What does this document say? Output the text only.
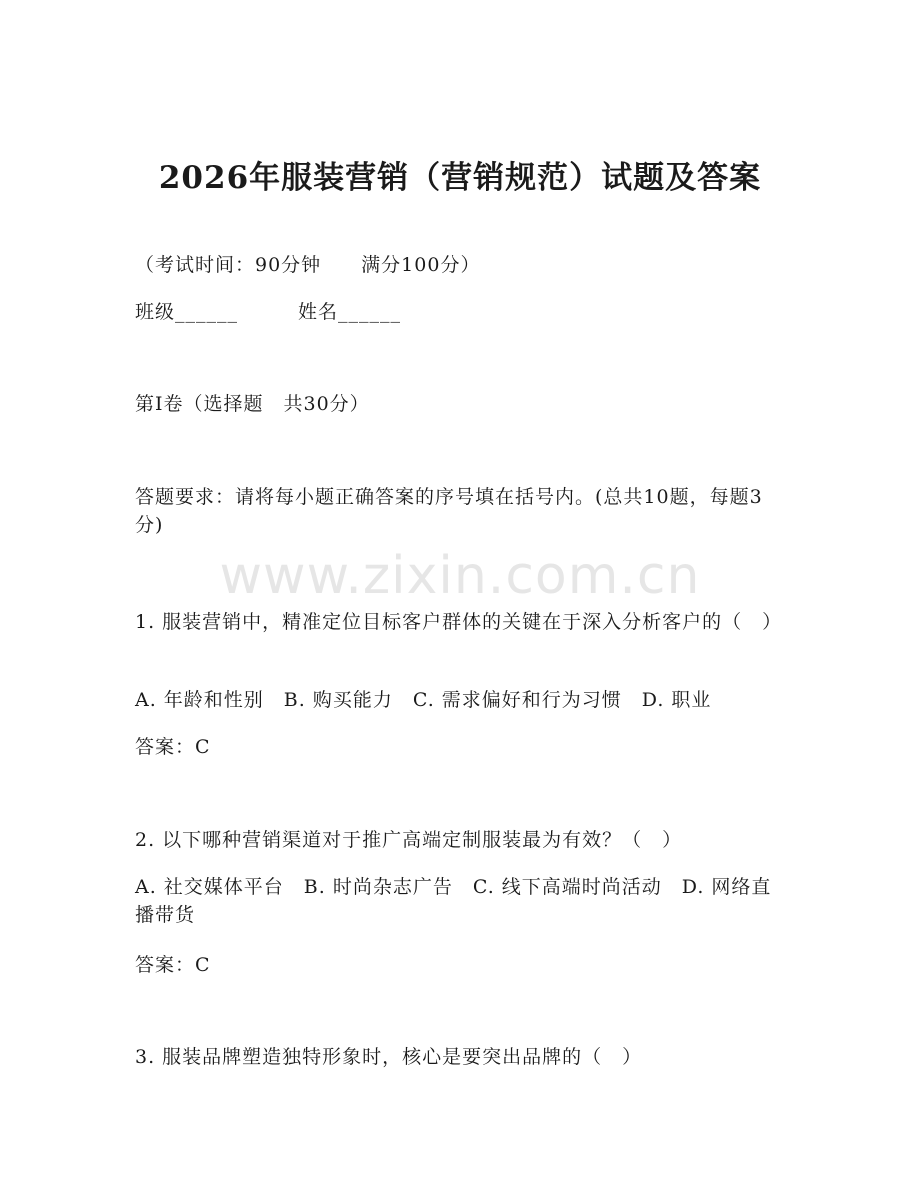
www.zixin.com.cn
2026年服装营销（营销规范）试题及答案
（考试时间：90分钟　　满分100分）
班级______　　　姓名______
第I卷（选择题　共30分）
答题要求：请将每小题正确答案的序号填在括号内。(总共10题，每题3分)
1. 服装营销中，精准定位目标客户群体的关键在于深入分析客户的（　）
A. 年龄和性别　B. 购买能力　C. 需求偏好和行为习惯　D. 职业
答案：C
2. 以下哪种营销渠道对于推广高端定制服装最为有效？（　）
A. 社交媒体平台　B. 时尚杂志广告　C. 线下高端时尚活动　D. 网络直播带货
答案：C
3. 服装品牌塑造独特形象时，核心是要突出品牌的（　）
